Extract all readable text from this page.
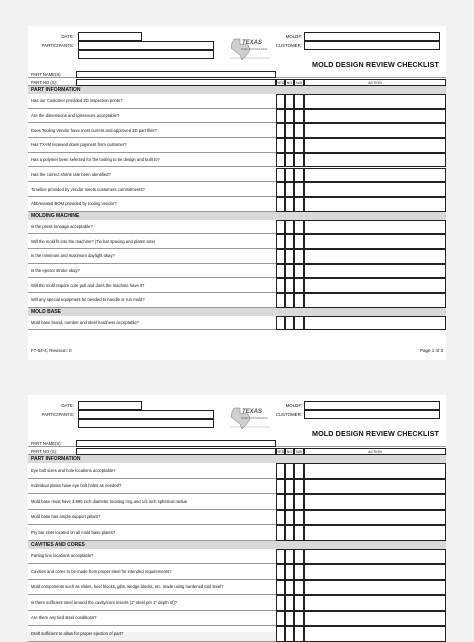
DATE:
PARTICIPANTS:	TEXAS
INJECTION MOLDING
MOLD#:
CUSTOMER:
MOLD DESIGN REVIEW CHECKLIST
PART NAME(S):
PART NO (S):	YES NO	N/A	ACTION
PART INFORMATION
Has our Customer provided 2D inspection prints?
Are the dimensions and tolerances acceptable?
Does Tooling Vendor have most current and approved 3D part files?
Has TX-IM received down payment from customer?
Has a polymer been selected for the tooling to be design and built to?
Has the correct shrink rate been identified?
Timeline provided by vendor meets customers commitments?
Abbreviated BOM provided by tooling vendor?
MOLDING MACHINE
Is the press tonnage acceptable?
Will the mold fit into the machine? (Tie bar spacing and platen size)
Is the minimum and maximum daylight okay?
Is the ejector stroke okay?
Will the mold require core pull and does the machine have it?
Will any special equipment be needed to handle or run mold?
MOLD BASE
Mold base brand, number and steel hardness acceptable?
F7-54-4, Revision: 0	Page 1 of 3
DATE:
PARTICIPANTS:	TEXAS
INJECTION MOLDING
MOLD#:
CUSTOMER:
MOLD DESIGN REVIEW CHECKLIST
PART NAME(S):
PART NO (S):	YES NO	N/A	ACTION
PART INFORMATION
Eye bolt sizes and hole locations acceptable?
Individual plates have eye bolt holes as needed?
Mold base must have 3.990 inch diameter locating ring and 1/2 inch spherical radius
Mold base has ample support pillars?
Pry bar slots located on all mold base plates?
CAVITIES AND CORES
Parting line locations acceptable?
Cavities and cores to be made from proper steel for intended requirements?
Mold components such as slides, heel blocks, gibs, wedge blocks, etc. made using hardened tool steel?
Is there sufficient steel around the cavity/core inserts (1" steel per 1" depth of)?
Are there any tied steel conditions?
Draft sufficient to allow for proper ejection of part?
